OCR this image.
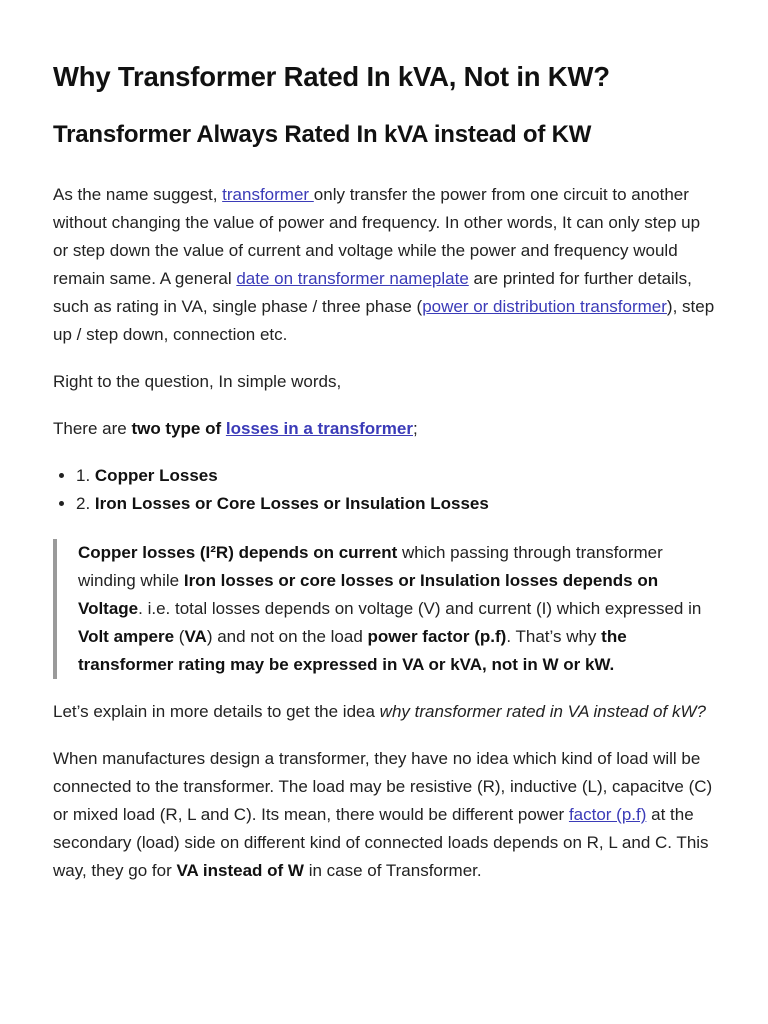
Why Transformer Rated In kVA, Not in KW?
Transformer Always Rated In kVA instead of KW

As the name suggest, transformer only transfer the power from one circuit to another without changing the value of power and frequency. In other words, It can only step up or step down the value of current and voltage while the power and frequency would remain same. A general date on transformer nameplate are printed for further details, such as rating in VA, single phase / three phase (power or distribution transformer), step up / step down, connection etc.

Right to the question, In simple words,

There are two type of losses in a transformer;

• 1. Copper Losses
• 2. Iron Losses or Core Losses or Insulation Losses
Copper losses (I²R) depends on current which passing through transformer winding while Iron losses or core losses or Insulation losses depends on Voltage. i.e. total losses depends on voltage (V) and current (I) which expressed in Volt ampere (VA) and not on the load power factor (p.f). That’s why the transformer rating may be expressed in VA or kVA, not in W or kW.

Let’s explain in more details to get the idea why transformer rated in VA instead of kW?

When manufactures design a transformer, they have no idea which kind of load will be connected to the transformer. The load may be resistive (R), inductive (L), capacitve (C) or mixed load (R, L and C). Its mean, there would be different power factor (p.f) at the secondary (load) side on different kind of connected loads depends on R, L and C. This way, they go for VA instead of W in case of Transformer.
